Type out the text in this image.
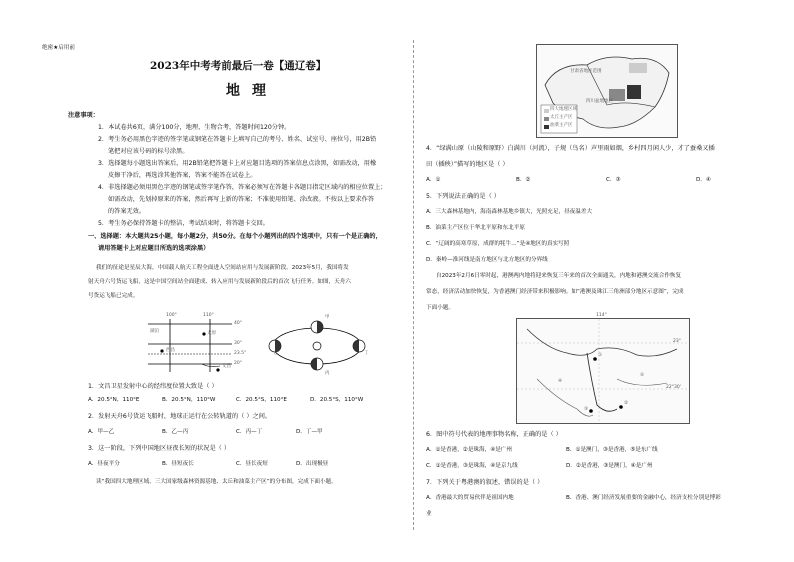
绝密★启用前
2023年中考考前最后一卷【通辽卷】
地理
注意事项：
1．本试卷共6页，满分100分，地理、生物合考，答题时间120分钟。
2．考生务必用黑色字迹的签字笔或钢笔在答题卡上填写自己的考号、姓名、试室号、座位号，用2B铅
笔把对应该号码的标号涂黑。
3．选择题每小题选出答案后，用2B铅笔把答题卡上对应题目选项的答案信息点涂黑，如需改动，用橡
皮擦干净后，再选涂其他答案，答案不能答在试卷上。
4．非选择题必须用黑色字迹的钢笔或签字笔作答，答案必须写在答题卡各题目指定区域内的相应位置上；
如需改动，先划掉原来的答案，然后再写上新的答案；不准使用铅笔、涂改液。不按以上要求作答
的答案无效。
5．考生务必保持答题卡的整洁，考试结束时，将答题卡交回。
一、选择题：本大题共25小题，每小题2分，共50分。在每个小题列出的四个选项中，只有一个是正确的，
请用答题卡上对应题目所选的选项涂黑）
我们的征途是星辰大海，中国载人航天工程全面进入空间站应用与发展新阶段。2023年5月，我国将发
射天舟六号货运飞船，这是中国空间站全面建成、转入应用与发展新阶段后的首次飞行任务。如图，天舟六
号货运飞船已完成。
100°	110°
40°
30°
23.5°
20°
湖泊	太原
西昌
文昌
甲
乙
丙
丁
1．文昌卫星发射中心的经纬度位置大致是（ ）
A．20.5°N，110°E	B．20.5°N，110°W	C．20.5°S，110°E	D．20.5°S，110°W
2．发射天舟6号货运飞船时，地球正运行在公转轨道的（ ）之间。
A．甲—乙	B．乙—丙	C．丙—丁	D．丁—甲
3．这一阶段，下列中国地区昼夜长短的状况是（ ）
A．昼夜平分	B．昼短夜长	C．昼长夜短	D．出现极昼
读“我国四大地理区域、三大国家级森林资源基地、太丘和油菜主产区”的分布图，完成下面小题。
甘肃省地区范围
四川盆地地区
四大地理区域
太丘主产区
油菜主产区
4．“绿满山原（山陵和原野）白满川（河流），子规（鸟名）声里雨如烟，乡村四月闲人少，才了蚕桑又插
田（插秧）”描写的地区是（ ）
A．①	B．②	C．③	D．④
5．下列说法正确的是（ ）
A．三大森林基地内，海南森林基地乡镇大，光照充足，昼夜温差大
B．油菜主产区位于华北平原和东北平原
C．“辽阔的高寒草原，成群的牦牛…”是④地区的真实写照
D．秦岭—淮河线是南方地区与北方地区的分界线
自2023年2月6日零时起，港澳两内地将迎来恢复三年来的首次全面通关，内地和港澳交流合作恢复
常态，经济活动加快恢复，为香港澳门经济带来积极影响。如“港澳及珠江三角洲部分地区示意图”，完成
下面小题。
114°
23°
22°30'
①
②
③
④
⑤
6．图中符号代表的地理事物名称，正确的是（ ）
A．①是香港，②是珠海，④是广州	B．①是澳门，③是香港，⑤是东广线
C．①是香港，③是珠海，④是京九线	D．②是香港，③是澳门，④是广州
7．下列关于粤港澳的叙述，错误的是（ ）
A．香港最大的贸易伙伴是祖国内地	B．香港、澳门经济发展重要的金融中心，经济支柱分别是博彩
业
